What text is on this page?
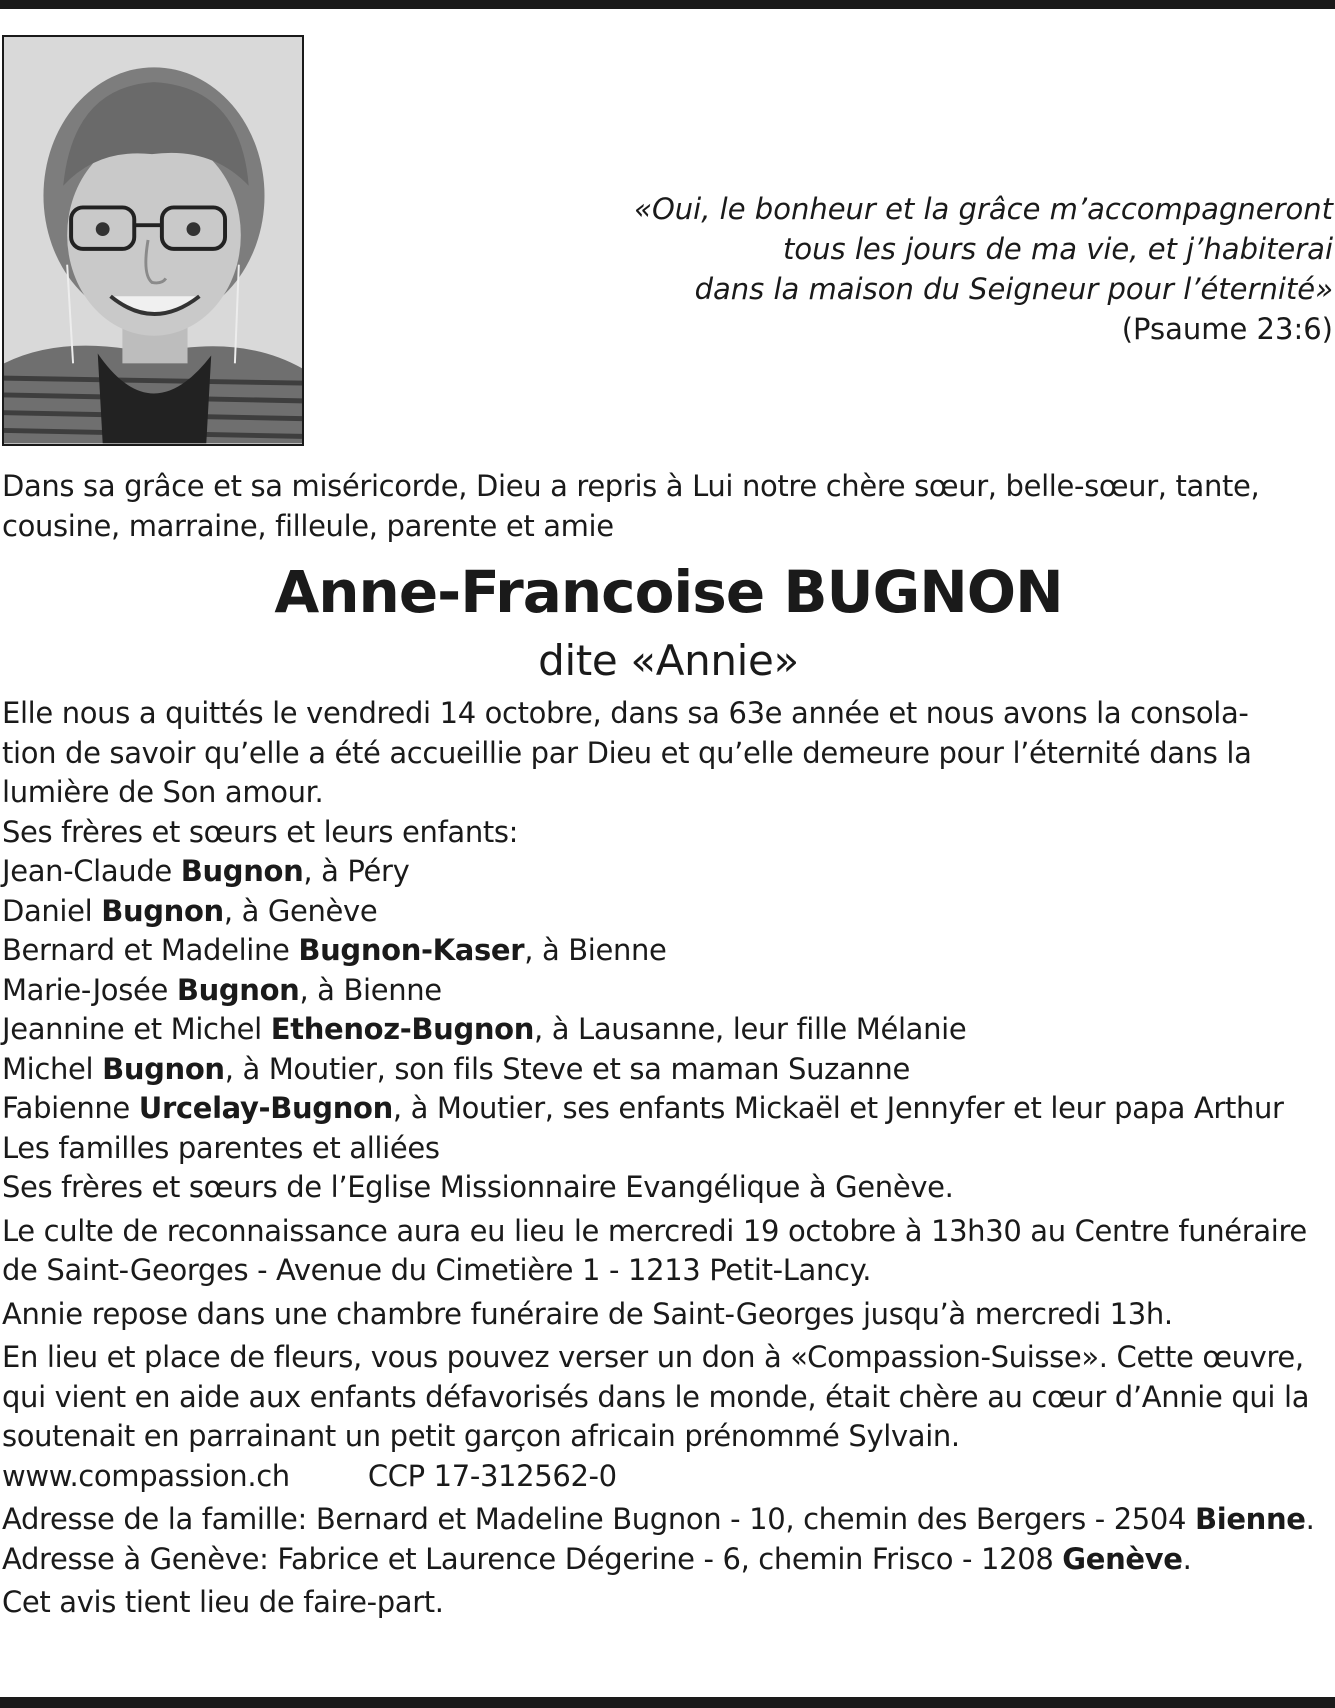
«Oui, le bonheur et la grâce m’accompagneront
tous les jours de ma vie, et j’habiterai
dans la maison du Seigneur pour l’éternité»
(Psaume 23:6)

Dans sa grâce et sa miséricorde, Dieu a repris à Lui notre chère sœur, belle-sœur, tante,

cousine, marraine, filleule, parente et amie

Anne-Francoise BUGNON

dite «Annie»

Elle nous a quittés le vendredi 14 octobre, dans sa 63e année et nous avons la consola-

tion de savoir qu’elle a été accueillie par Dieu et qu’elle demeure pour l’éternité dans la

lumière de Son amour.

Ses frères et sœurs et leurs enfants:

Jean-Claude Bugnon, à Péry

Daniel Bugnon, à Genève

Bernard et Madeline Bugnon-Kaser, à Bienne

Marie-Josée Bugnon, à Bienne

Jeannine et Michel Ethenoz-Bugnon, à Lausanne, leur fille Mélanie

Michel Bugnon, à Moutier, son fils Steve et sa maman Suzanne

Fabienne Urcelay-Bugnon, à Moutier, ses enfants Mickaël et Jennyfer et leur papa Arthur

Les familles parentes et alliées

Ses frères et sœurs de l’Eglise Missionnaire Evangélique à Genève.

Le culte de reconnaissance aura eu lieu le mercredi 19 octobre à 13h30 au Centre funéraire

de Saint-Georges - Avenue du Cimetière 1 - 1213 Petit-Lancy.

Annie repose dans une chambre funéraire de Saint-Georges jusqu’à mercredi 13h.

En lieu et place de fleurs, vous pouvez verser un don à «Compassion-Suisse». Cette œuvre,

qui vient en aide aux enfants défavorisés dans le monde, était chère au cœur d’Annie qui la

soutenait en parrainant un petit garçon africain prénommé Sylvain.

www.compassion.ch	CCP 17-312562-0

Adresse de la famille: Bernard et Madeline Bugnon - 10, chemin des Bergers - 2504 Bienne.

Adresse à Genève: Fabrice et Laurence Dégerine - 6, chemin Frisco - 1208 Genève.

Cet avis tient lieu de faire-part.
